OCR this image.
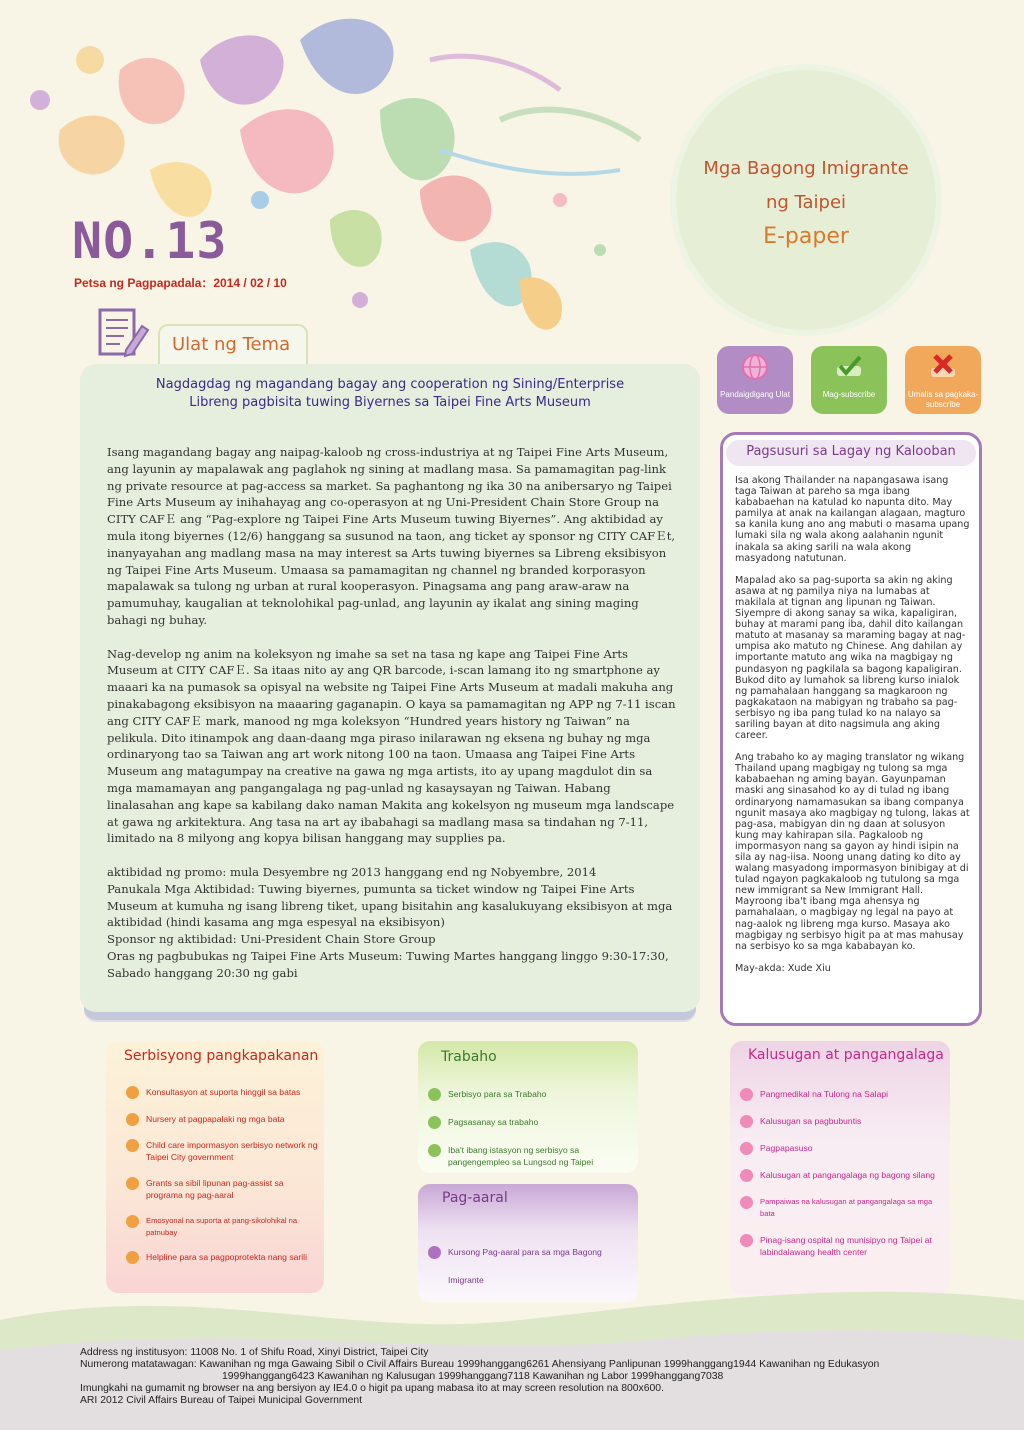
Mga Bagong Imigrante
ng Taipei
E-paper
NO.13
Petsa ng Pagpapadala：2014 / 02 / 10
Ulat ng Tema
Nagdagdag ng magandang bagay ang cooperation ng Sining/Enterprise
Libreng pagbisita tuwing Biyernes sa Taipei Fine Arts Museum

Isang magandang bagay ang naipag-kaloob ng cross-industriya at ng Taipei Fine Arts Museum, ang layunin ay mapalawak ang paglahok ng sining at madlang masa. Sa pamamagitan pag-link ng private resource at pag-access sa market. Sa paghantong ng ika 30 na anibersaryo ng Taipei Fine Arts Museum ay inihahayag ang co-operasyon at ng Uni-President Chain Store Group na CITY CAFＥ ang “Pag-explore ng Taipei Fine Arts Museum tuwing Biyernes”. Ang aktibidad ay mula itong biyernes (12/6) hanggang sa susunod na taon, ang ticket ay sponsor ng CITY CAFＥt, inanyayahan ang madlang masa na may interest sa Arts tuwing biyernes sa Libreng eksibisyon ng Taipei Fine Arts Museum. Umaasa sa pamamagitan ng channel ng branded korporasyon mapalawak sa tulong ng urban at rural kooperasyon. Pinagsama ang pang araw-araw na pamumuhay, kaugalian at teknolohikal pag-unlad, ang layunin ay ikalat ang sining maging bahagi ng buhay.

Nag-develop ng anim na koleksyon ng imahe sa set na tasa ng kape ang Taipei Fine Arts Museum at CITY CAFＥ. Sa itaas nito ay ang QR barcode, i-scan lamang ito ng smartphone ay maaari ka na pumasok sa opisyal na website ng Taipei Fine Arts Museum at madali makuha ang pinakabagong eksibisyon na maaaring gaganapin. O kaya sa pamamagitan ng APP ng 7-11 iscan ang CITY CAFＥ mark, manood ng mga koleksyon “Hundred years history ng Taiwan” na pelikula. Dito itinampok ang daan-daang mga piraso inilarawan ng eksena ng buhay ng mga ordinaryong tao sa Taiwan ang art work nitong 100 na taon. Umaasa ang Taipei Fine Arts Museum ang matagumpay na creative na gawa ng mga artists, ito ay upang magdulot din sa mga mamamayan ang pangangalaga ng pag-unlad ng kasaysayan ng Taiwan. Habang linalasahan ang kape sa kabilang dako naman Makita ang kokelsyon ng museum mga landscape at gawa ng arkitektura. Ang tasa na art ay ibabahagi sa madlang masa sa tindahan ng 7-11, limitado na 8 milyong ang kopya bilisan hanggang may supplies pa.

aktibidad ng promo: mula Desyembre ng 2013 hanggang end ng Nobyembre, 2014

Panukala Mga Aktibidad: Tuwing biyernes, pumunta sa ticket window ng Taipei Fine Arts Museum at kumuha ng isang libreng tiket, upang bisitahin ang kasalukuyang eksibisyon at mga aktibidad (hindi kasama ang mga espesyal na eksibisyon)

Sponsor ng aktibidad: Uni-President Chain Store Group

Oras ng pagbubukas ng Taipei Fine Arts Museum: Tuwing Martes hanggang linggo 9:30-17:30, Sabado hanggang 20:30 ng gabi

Pandaigdigang Ulat	Mag-subscribe	Umalis sa pagkaka-subscribe
Pagsusuri sa Lagay ng Kalooban

Isa akong Thailander na napangasawa isang taga Taiwan at pareho sa mga ibang kababaehan na katulad ko napunta dito. May pamilya at anak na kailangan alagaan, magturo sa kanila kung ano ang mabuti o masama upang lumaki sila ng wala akong aalahanin ngunit inakala sa aking sarili na wala akong masyadong natutunan.

Mapalad ako sa pag-suporta sa akin ng aking asawa at ng pamilya niya na lumabas at makilala at tignan ang lipunan ng Taiwan. Siyempre di akong sanay sa wika, kapaligiran, buhay at marami pang iba, dahil dito kailangan matuto at masanay sa maraming bagay at nag-umpisa ako matuto ng Chinese. Ang dahilan ay importante matuto ang wika na magbigay ng pundasyon ng pagkilala sa bagong kapaligiran. Bukod dito ay lumahok sa libreng kurso inialok ng pamahalaan hanggang sa magkaroon ng pagkakataon na mabigyan ng trabaho sa pag-serbisyo ng iba pang tulad ko na nalayo sa sariling bayan at dito nagsimula ang aking career.

Ang trabaho ko ay maging translator ng wikang Thailand upang magbigay ng tulong sa mga kababaehan ng aming bayan. Gayunpaman maski ang sinasahod ko ay di tulad ng ibang ordinaryong namamasukan sa ibang companya ngunit masaya ako magbigay ng tulong, lakas at pag-asa, mabigyan din ng daan at solusyon kung may kahirapan sila. Pagkaloob ng impormasyon nang sa gayon ay hindi isipin na sila ay nag-iisa. Noong unang dating ko dito ay walang masyadong impormasyon binibigay at di tulad ngayon pagkakaloob ng tutulong sa mga new immigrant sa New Immigrant Hall. Mayroong iba't ibang mga ahensya ng pamahalaan, o magbigay ng legal na payo at nag-aalok ng libreng mga kurso. Masaya ako magbigay ng serbisyo higit pa at mas mahusay na serbisyo ko sa mga kababayan ko.

May-akda: Xude Xiu

Serbisyong pangkapakanan
Konsultasyon at suporta hinggil sa batas
Nursery at pagpapalaki ng mga bata
Child care impormasyon serbisyo network ng Taipei City government
Grants sa sibil lipunan pag-assist sa programa ng pag-aaral
Emosyonal na suporta at pang-sikolohikal na patnubay
Helpline para sa pagpoprotekta nang sarili
Trabaho
Serbisyo para sa Trabaho
Pagsasanay sa trabaho
Iba't ibang istasyon ng serbisyo sa pangengempleo sa Lungsod ng Taipei
Pag-aaral
Kursong Pag-aaral para sa mga Bagong Imigrante
Kalusugan at pangangalaga
Pangmedikal na Tulong na Salapi
Kalusugan sa pagbubuntis
Pagpapasuso
Kalusugan at pangangalaga ng bagong silang
Pampaiwas na kalusugan at pangangalaga sa mga bata
Pinag-isang ospital ng munisipyo ng Taipei at labindalawang health center
Address ng institusyon: 11008 No. 1 of Shifu Road, Xinyi District, Taipei City
Numerong matatawagan: Kawanihan ng mga Gawaing Sibil o Civil Affairs Bureau 1999hanggang6261 Ahensiyang Panlipunan 1999hanggang1944 Kawanihan ng Edukasyon
1999hanggang6423 Kawanihan ng Kalusugan 1999hanggang7118 Kawanihan ng Labor 1999hanggang7038
Imungkahi na gumamit ng browser na ang bersiyon ay IE4.0 o higit pa upang mabasa ito at may screen resolution na 800x600.
ARI 2012 Civil Affairs Bureau of Taipei Municipal Government
